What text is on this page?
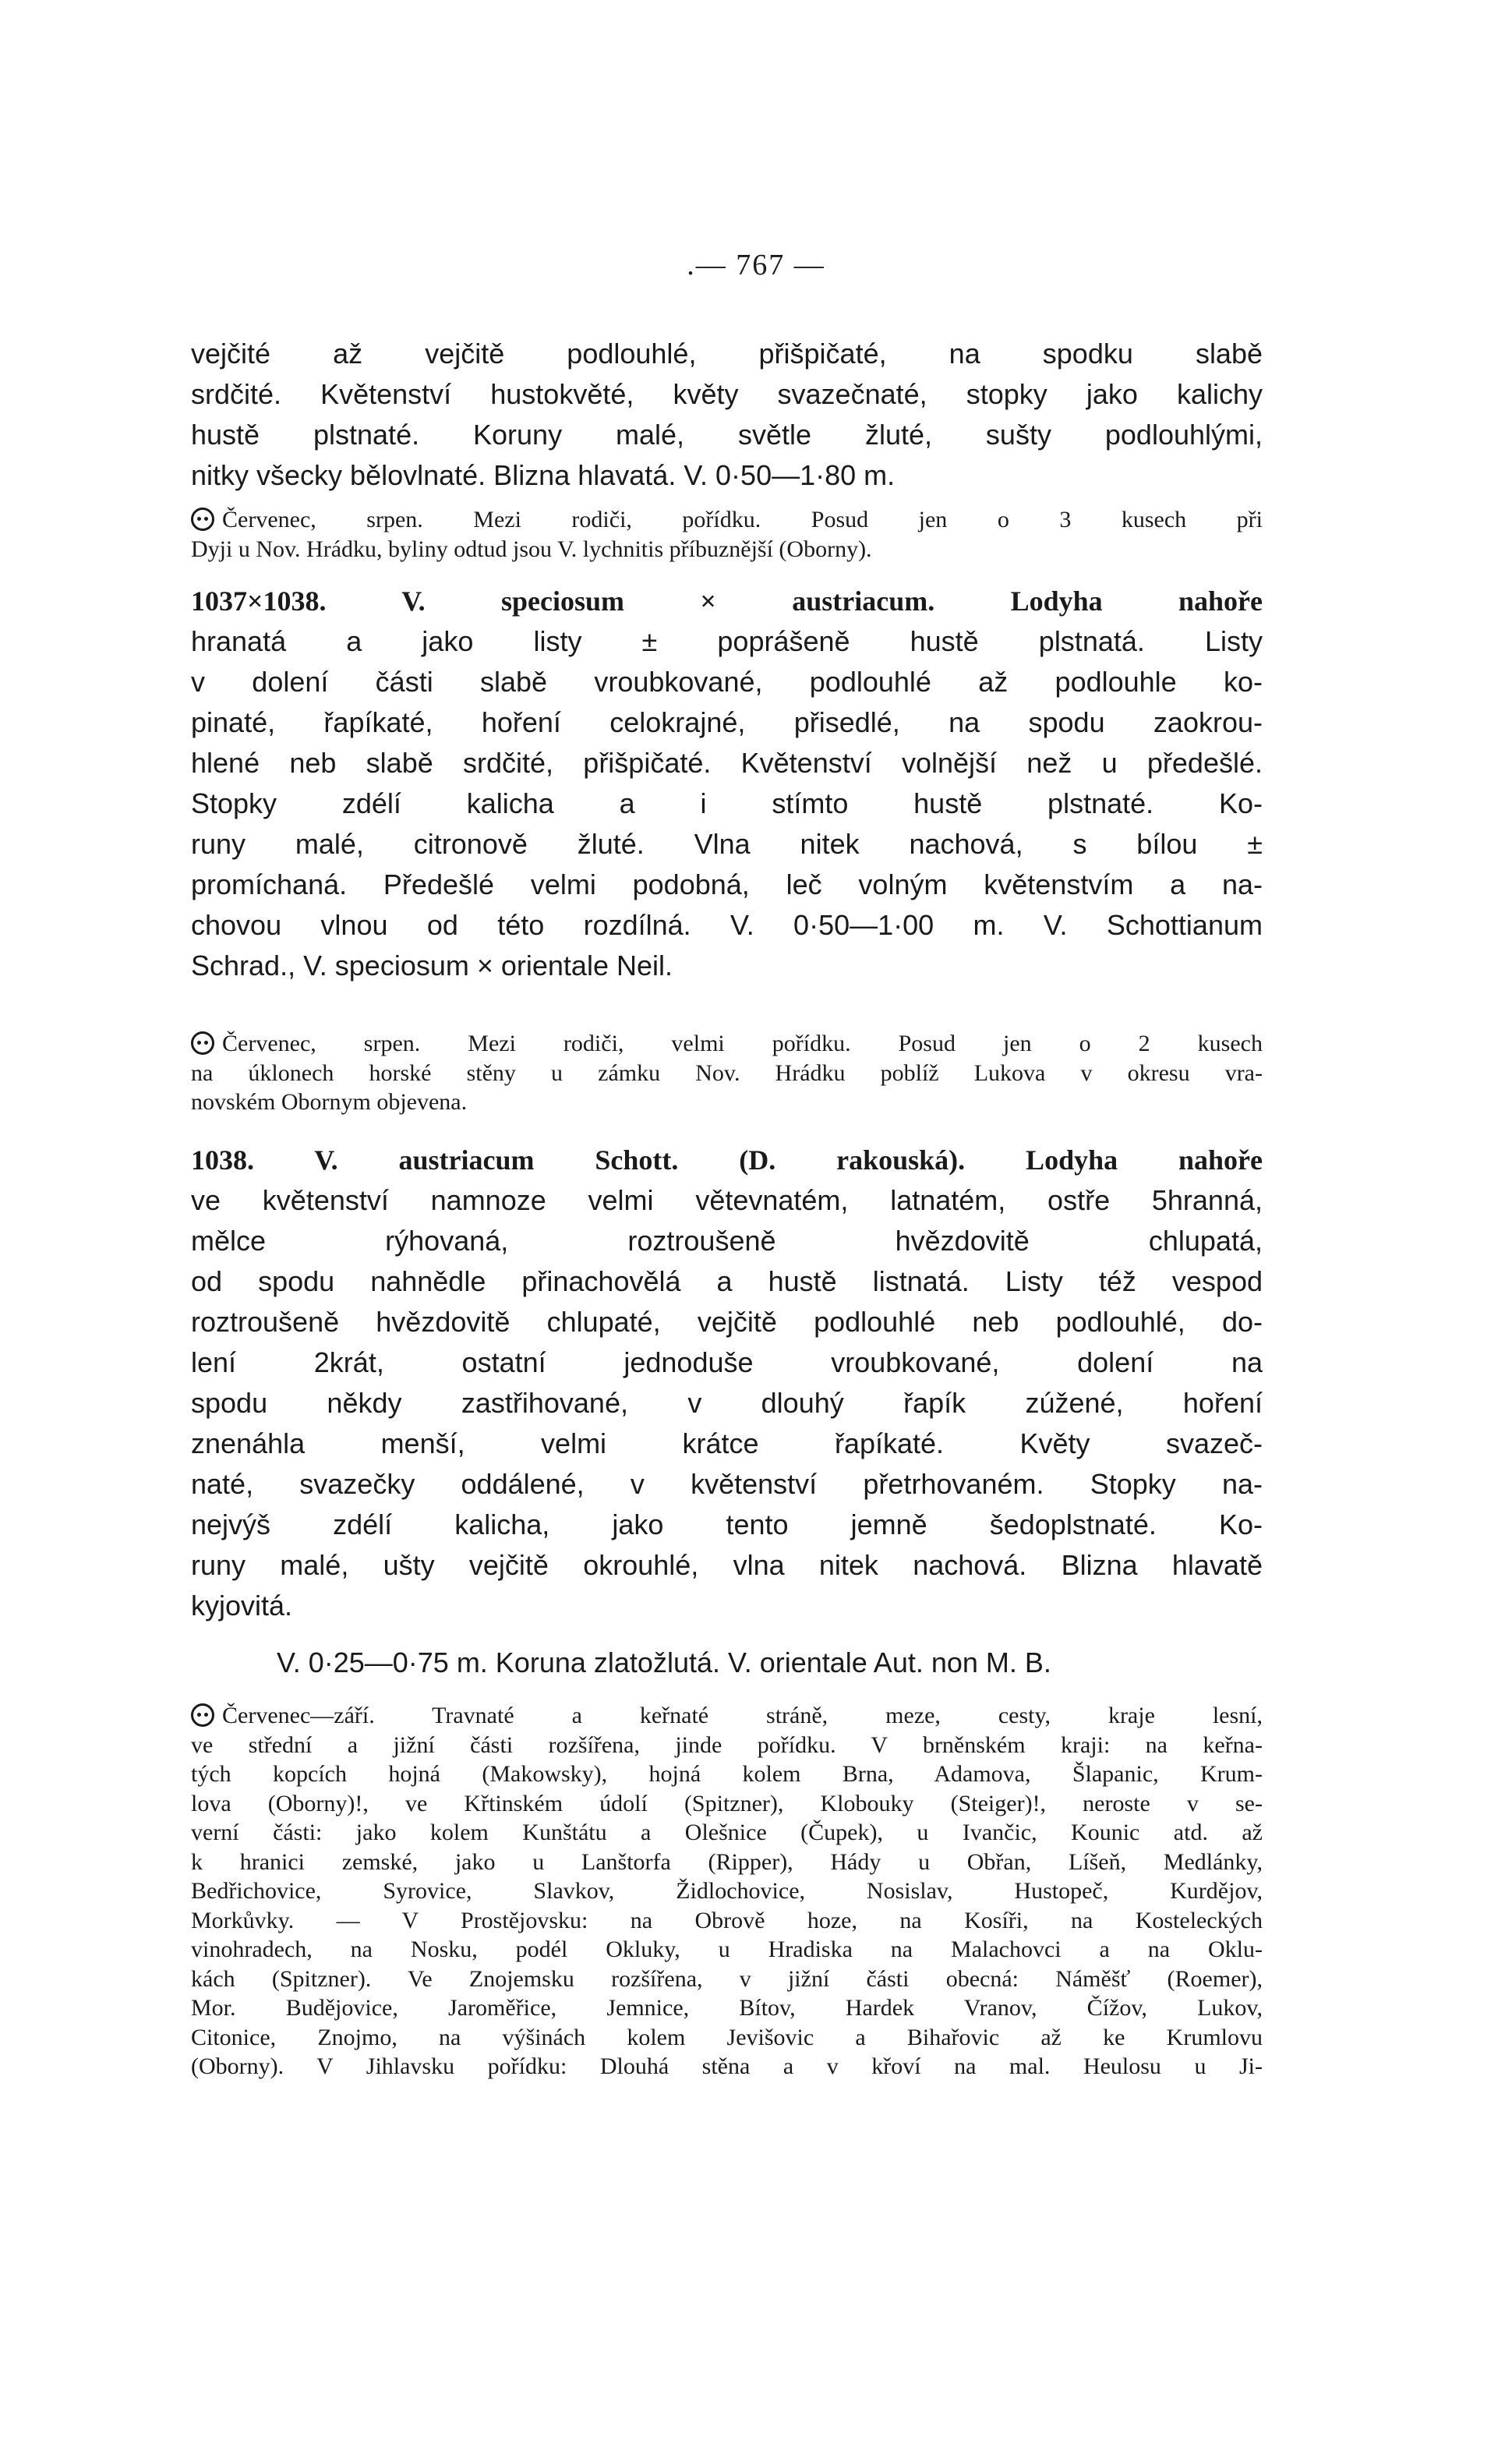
.— 767 —
vejčité až vejčitě podlouhlé, přišpičaté, na spodku slabě
srdčité. Květenství hustokvěté, květy svazečnaté, stopky jako kalichy
hustě plstnaté. Koruny malé, světle žluté, sušty podlouhlými,
nitky všecky bělovlnaté. Blizna hlavatá. V. 0·50—1·80 m.
Červenec, srpen. Mezi rodiči, pořídku. Posud jen o 3 kusech při
Dyji u Nov. Hrádku, byliny odtud jsou V. lychnitis příbuznější (Oborny).
1037×1038. V. speciosum × austriacum. Lodyha nahoře
hranatá a jako listy ± poprášeně hustě plstnatá. Listy
v dolení části slabě vroubkované, podlouhlé až podlouhle ko-
pinaté, řapíkaté, hoření celokrajné, přisedlé, na spodu zaokrou-
hlené neb slabě srdčité, přišpičaté. Květenství volnější než u předešlé.
Stopky zdélí kalicha a i stímto hustě plstnaté. Ko-
runy malé, citronově žluté. Vlna nitek nachová, s bílou ±
promíchaná. Předešlé velmi podobná, leč volným květenstvím a na-
chovou vlnou od této rozdílná. V. 0·50—1·00 m. V. Schottianum
Schrad., V. speciosum × orientale Neil.
Červenec, srpen. Mezi rodiči, velmi pořídku. Posud jen o 2 kusech
na úklonech horské stěny u zámku Nov. Hrádku poblíž Lukova v okresu vra-
novském Obornym objevena.
1038. V. austriacum Schott. (D. rakouská). Lodyha nahoře
ve květenství namnoze velmi větevnatém, latnatém, ostře 5hranná,
mělce rýhovaná, roztroušeně hvězdovitě chlupatá,
od spodu nahnědle přinachovělá a hustě listnatá. Listy též vespod
roztroušeně hvězdovitě chlupaté, vejčitě podlouhlé neb podlouhlé, do-
lení 2krát, ostatní jednoduše vroubkované, dolení na
spodu někdy zastřihované, v dlouhý řapík zúžené, hoření
znenáhla menší, velmi krátce řapíkaté. Květy svazeč-
naté, svazečky oddálené, v květenství přetrhovaném. Stopky na-
nejvýš zdélí kalicha, jako tento jemně šedoplstnaté. Ko-
runy malé, ušty vejčitě okrouhlé, vlna nitek nachová. Blizna hlavatě
kyjovitá.
V. 0·25—0·75 m. Koruna zlatožlutá. V. orientale Aut. non M. B.
Červenec—září. Travnaté a keřnaté stráně, meze, cesty, kraje lesní,
ve střední a jižní části rozšířena, jinde pořídku. V brněnském kraji: na keřna-
tých kopcích hojná (Makowsky), hojná kolem Brna, Adamova, Šlapanic, Krum-
lova (Oborny)!, ve Křtinském údolí (Spitzner), Klobouky (Steiger)!, neroste v se-
verní části: jako kolem Kunštátu a Olešnice (Čupek), u Ivančic, Kounic atd. až
k hranici zemské, jako u Lanštorfa (Ripper), Hády u Obřan, Líšeň, Medlánky,
Bedřichovice, Syrovice, Slavkov, Židlochovice, Nosislav, Hustopeč, Kurdějov,
Morkůvky. — V Prostějovsku: na Obrově hoze, na Kosíři, na Kosteleckých
vinohradech, na Nosku, podél Okluky, u Hradiska na Malachovci a na Oklu-
kách (Spitzner). Ve Znojemsku rozšířena, v jižní části obecná: Náměšť (Roemer),
Mor. Budějovice, Jaroměřice, Jemnice, Bítov, Hardek Vranov, Čížov, Lukov,
Citonice, Znojmo, na výšinách kolem Jevišovic a Bihařovic až ke Krumlovu
(Oborny). V Jihlavsku pořídku: Dlouhá stěna a v křoví na mal. Heulosu u Ji-
